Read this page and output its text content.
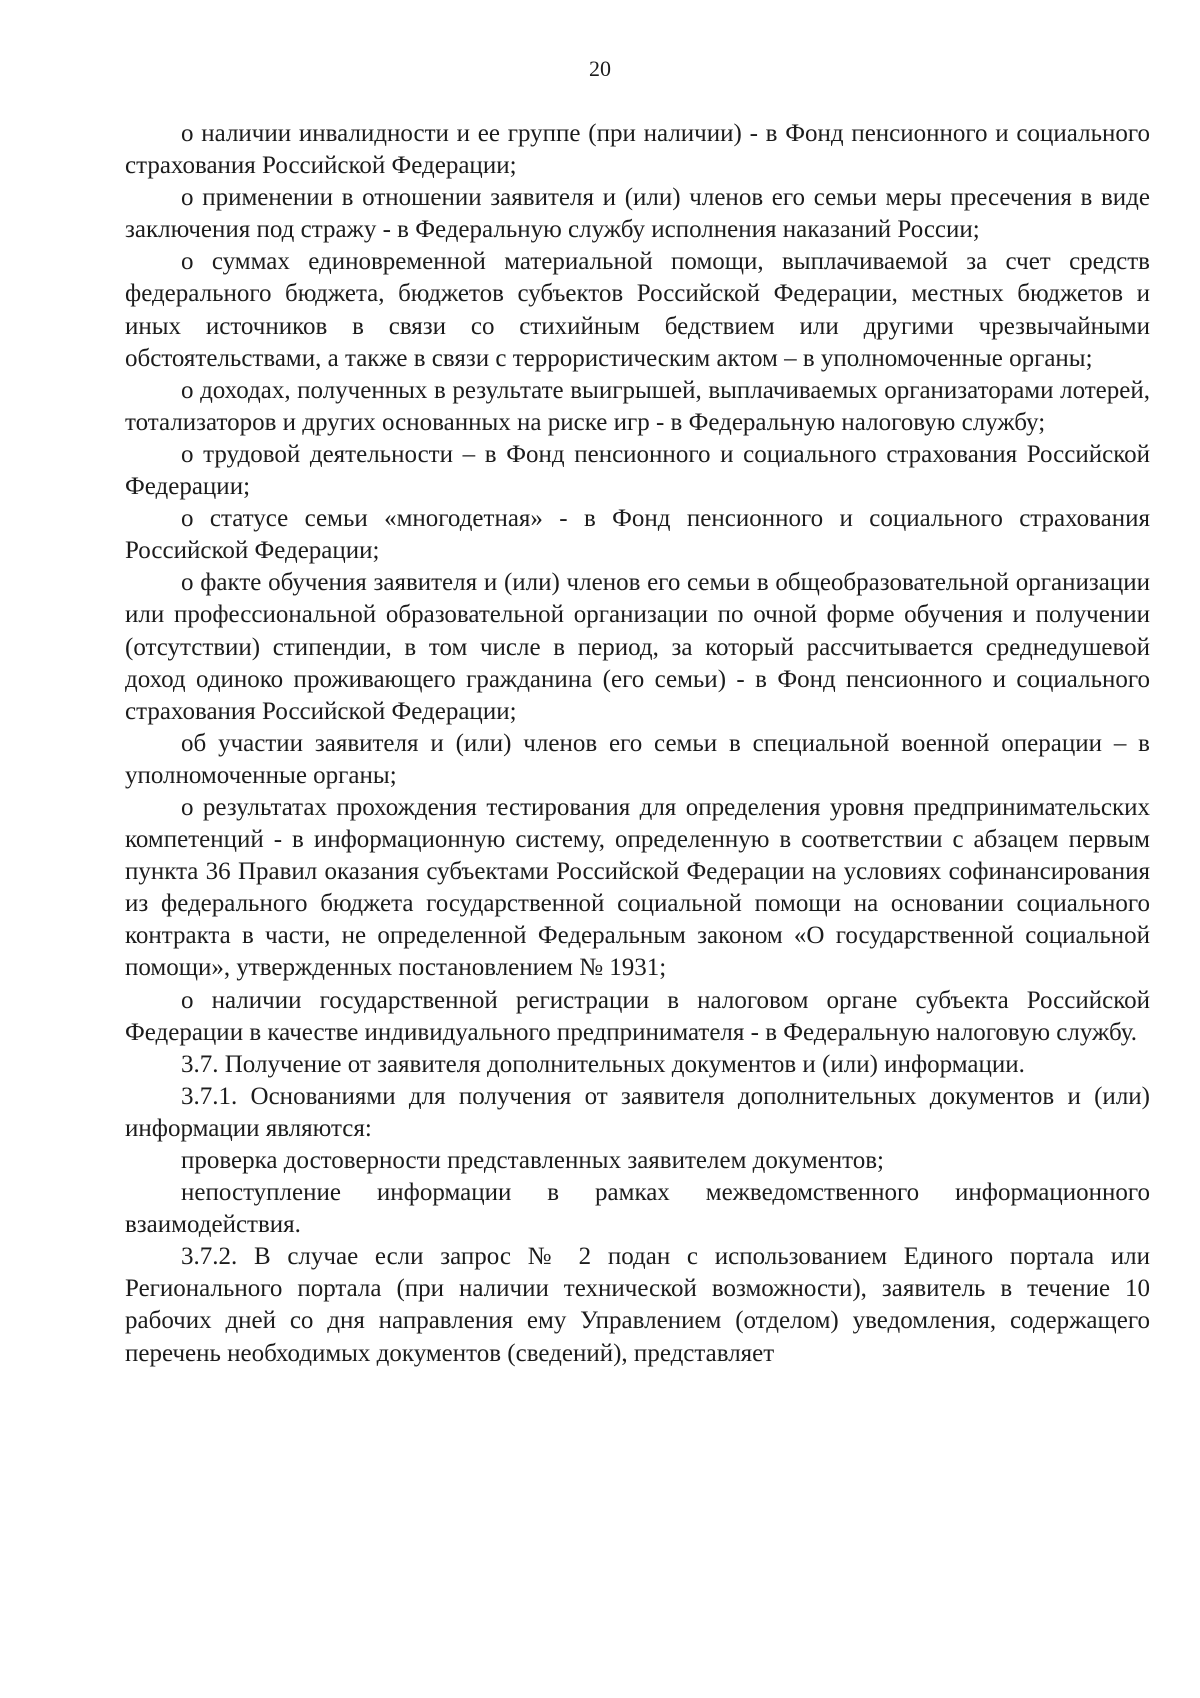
20

о наличии инвалидности и ее группе (при наличии) - в Фонд пенсионного и социального страхования Российской Федерации;

о применении в отношении заявителя и (или) членов его семьи меры пресечения в виде заключения под стражу - в Федеральную службу исполнения наказаний России;

о суммах единовременной материальной помощи, выплачиваемой за счет средств федерального бюджета, бюджетов субъектов Российской Федерации, местных бюджетов и иных источников в связи со стихийным бедствием или другими чрезвычайными обстоятельствами, а также в связи с террористическим актом – в уполномоченные органы;

о доходах, полученных в результате выигрышей, выплачиваемых организаторами лотерей, тотализаторов и других основанных на риске игр - в Федеральную налоговую службу;

о трудовой деятельности – в Фонд пенсионного и социального страхования Российской Федерации;

о статусе семьи «многодетная» - в Фонд пенсионного и социального страхования Российской Федерации;

о факте обучения заявителя и (или) членов его семьи в общеобразовательной организации или профессиональной образовательной организации по очной форме обучения и получении (отсутствии) стипендии, в том числе в период, за который рассчитывается среднедушевой доход одиноко проживающего гражданина (его семьи) - в Фонд пенсионного и социального страхования Российской Федерации;

об участии заявителя и (или) членов его семьи в специальной военной операции – в уполномоченные органы;

о результатах прохождения тестирования для определения уровня предпринимательских компетенций - в информационную систему, определенную в соответствии с абзацем первым пункта 36 Правил оказания субъектами Российской Федерации на условиях софинансирования из федерального бюджета государственной социальной помощи на основании социального контракта в части, не определенной Федеральным законом «О государственной социальной помощи», утвержденных постановлением № 1931;

о наличии государственной регистрации в налоговом органе субъекта Российской Федерации в качестве индивидуального предпринимателя - в Федеральную налоговую службу.

3.7. Получение от заявителя дополнительных документов и (или) информации.

3.7.1. Основаниями для получения от заявителя дополнительных документов и (или) информации являются:

проверка достоверности представленных заявителем документов;

непоступление информации в рамках межведомственного информационного взаимодействия.

3.7.2. В случае если запрос № 2 подан с использованием Единого портала или Регионального портала (при наличии технической возможности), заявитель в течение 10 рабочих дней со дня направления ему Управлением (отделом) уведомления, содержащего перечень необходимых документов (сведений), представляет
